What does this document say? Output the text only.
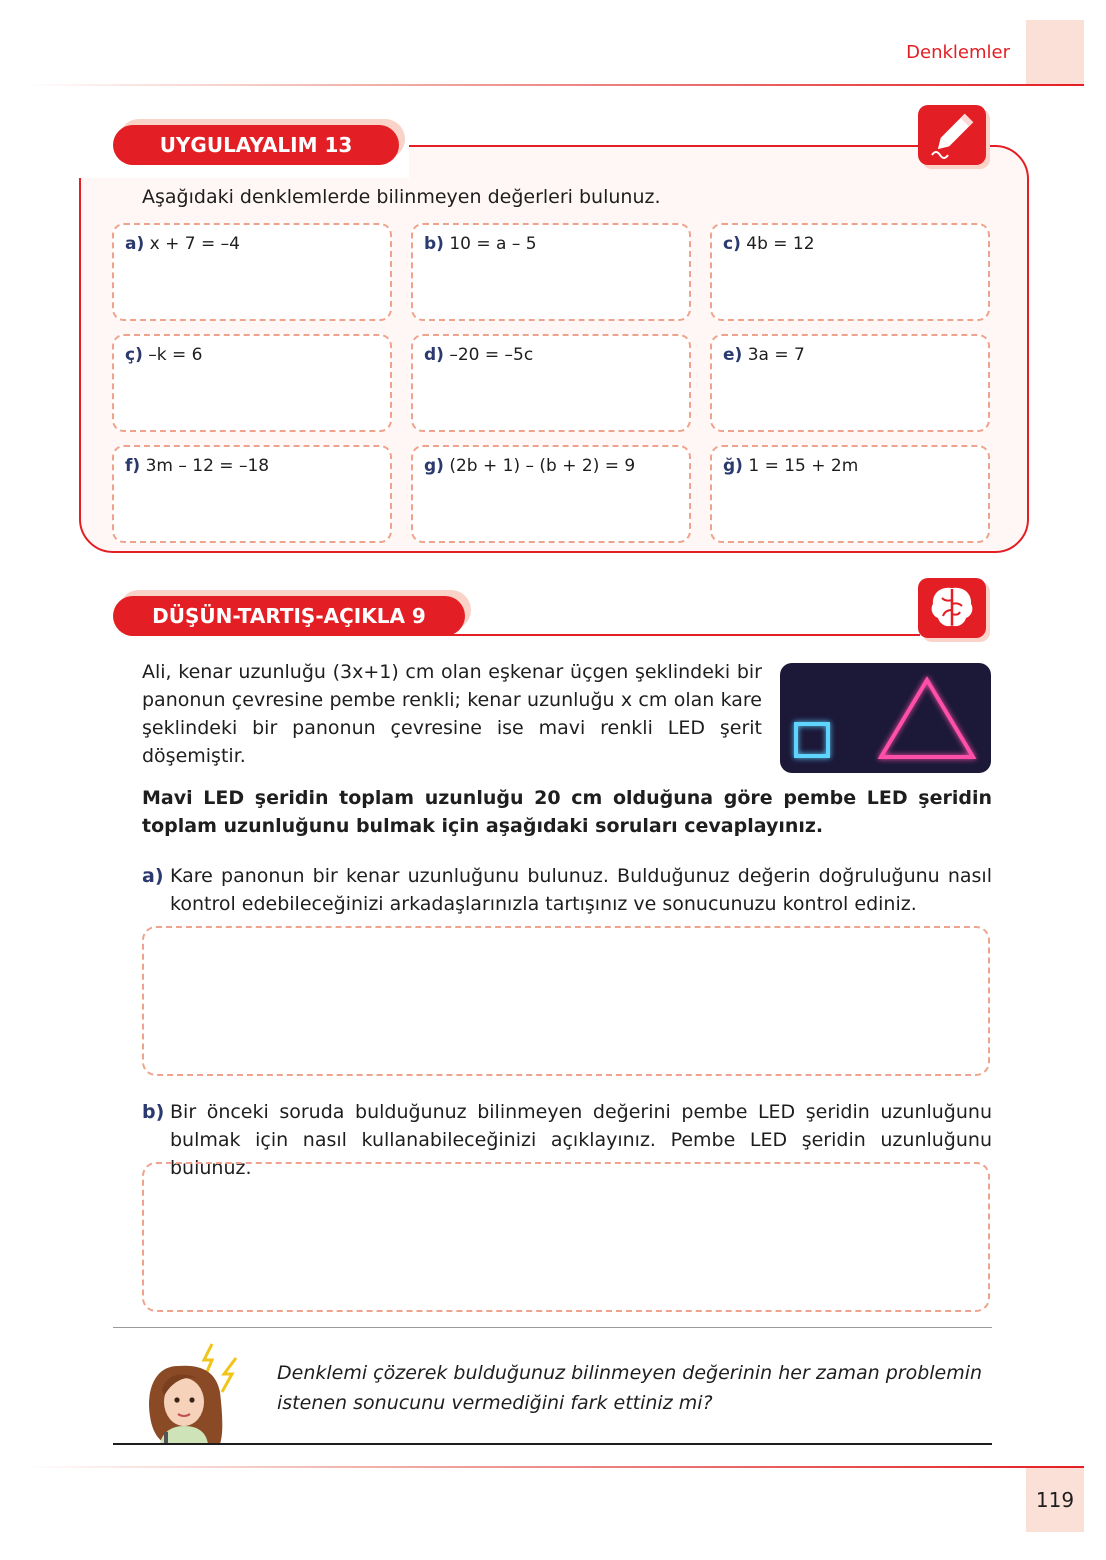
Denklemler
UYGULAYALIM 13
Aşağıdaki denklemlerde bilinmeyen değerleri bulunuz.
a) x + 7 = –4	b) 10 = a – 5	c) 4b = 12
ç) –k = 6	d) –20 = –5c	e) 3a = 7
f) 3m – 12 = –18	g) (2b + 1) – (b + 2) = 9	ğ) 1 = 15 + 2m
DÜŞÜN-TARTIŞ-AÇIKLA 9
Ali, kenar uzunluğu (3x+1) cm olan eşkenar üçgen şeklindeki bir panonun çevresine pembe renkli; kenar uzunluğu x cm olan kare şeklindeki bir panonun çevresine ise mavi renkli LED şerit döşemiştir.
Mavi LED şeridin toplam uzunluğu 20 cm olduğuna göre pembe LED şeridin toplam uzunluğunu bulmak için aşağıdaki soruları cevaplayınız.
a) Kare panonun bir kenar uzunluğunu bulunuz. Bulduğunuz değerin doğruluğunu nasıl kontrol edebileceğinizi arkadaşlarınızla tartışınız ve sonucunuzu kontrol ediniz.
b) Bir önceki soruda bulduğunuz bilinmeyen değerini pembe LED şeridin uzunluğunu bulmak için nasıl kullanabileceğinizi açıklayınız. Pembe LED şeridin uzunluğunu bulunuz.
Denklemi çözerek bulduğunuz bilinmeyen değerinin her zaman problemin istenen sonucunu vermediğini fark ettiniz mi?
119
